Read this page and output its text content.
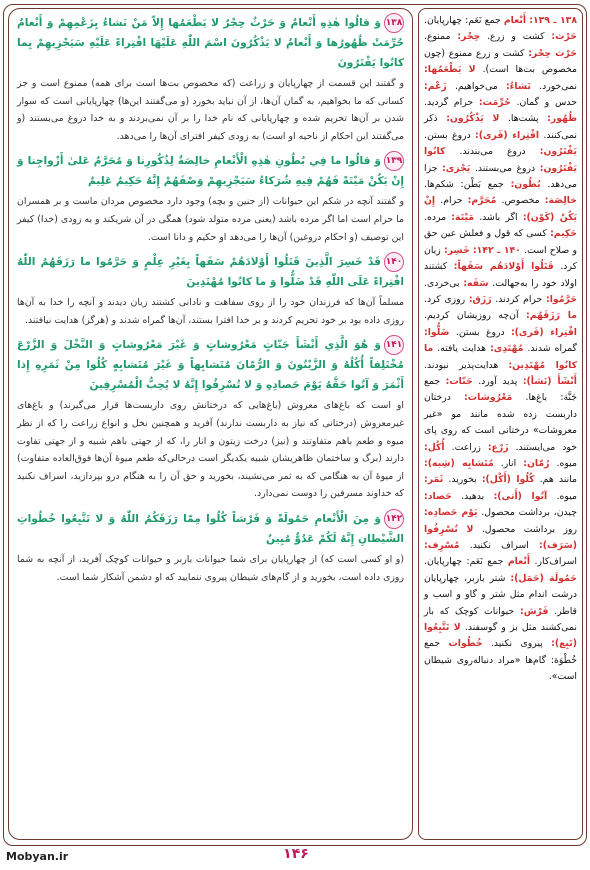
۱۳۸ ـ ۱۳۹: أَنْعام جمع نَعَم: چهارپایان. حَرْث: کشت و زرع. حِجْر: ممنوع. حَرْث حِجْر: کشت و زرع ممنوع (چون مخصوص بت‌ها است). لا يَطْعَمُها: نمی‌خورد. نَشاءُ: می‌خواهیم. زَعْم: حدس و گمان. حُرِّمَت: حرام گردید. ظُهُور: پشت‌ها. لا يَذْكُرُون: ذکر نمی‌کنند. افْتِراء (فَرى): دروغ بستن. يَفْتَرُون: دروغ می‌بندند. كانُوا يَفْتَرُون: دروغ می‌بستند. يَجْزى: جزا می‌دهد. بُطُون: جمع بَطْن: شکم‌ها. خالِصَة: مخصوص. مُحَرَّم: حرام. إِنْ يَكُنْ (كَوْن): اگر باشد. مَيْتَة: مرده. حَكِيم: کسی که قول و فعلش عین حق و صلاح است. ۱۴۰ ـ ۱۴۲: خَسِر: زیان کرد. قَتَلُوا أَوْلادَهُم سَفَهاً: کشتند اولاد خود را به‌جهالت. سَفَه: بی‌خردی. حَرَّمُوا: حرام کردند. رَزَق: روزی کرد. ما رَزَقَهُم: آن‌چه روزیشان کردیم. افْتِراء (فَرى): دروغ بستن. ضَلُّوا: گمراه شدند. مُهْتَدِى: هدایت یافته. ما كانُوا مُهْتَدِين: هدایت‌پذیر نبودند. أَنْشَأَ (نَشأ): پدید آورد. جَنّات: جمع جَنَّة: باغ‌ها. مَعْرُوشات: درختان داربست زده شده مانند مو «غیر معروشات» درختانی است که روی پای خود می‌ایستند. زَرْع: زراعت. أُكُل: میوه. رُمّان: انار. مُتَشابِه (شِبه): مانند هم. كُلُوا (أَكْل): بخورید. ثَمَر: میوه. آتُوا (أَتى): بدهید. حَصاد: چیدن، برداشت محصول. يَوْم حَصادِه: روز برداشت محصول. لا تُسْرِفُوا (سَرَف): اسراف نکنید. مُسْرِف: اسراف‌کار. أَنْعام جمع نَعَم: چهارپایان. حَمُولَة (حَمَل): شتر باربر، چهارپایان درشت اندام مثل شتر و گاو و اسب و قاطر. فَرْش: حیوانات کوچک که بار نمی‌کشند مثل بز و گوسفند. لا تَتَّبِعُوا (تَبِع): پیروی نکنید. خُطُوات جمع خُطْوَة: گام‌ها «مراد دنباله‌روی شیطان است».

۱۳۸وَ قالُوا هٰذِهِ أَنْعامٌ وَ حَرْثٌ حِجْرٌ لا يَطْعَمُها إِلاّ مَنْ نَشاءُ بِزَعْمِهِمْ وَ أَنْعامٌ حُرِّمَتْ ظُهُورُها وَ أَنْعامٌ لا يَذْكُرُونَ اسْمَ اللّٰهِ عَلَيْهَا افْتِراءً عَلَيْهِ سَيَجْزِيهِمْ بِما كانُوا يَفْتَرُونَ

و گفتند این قسمت از چهارپایان و زراعت (که مخصوص بت‌ها است برای همه) ممنوع است و جز کسانی که ما بخواهیم، به گمان آن‌ها، از آن نباید بخورد (و می‌گفتند این‌ها) چهارپایانی است که سوار شدن بر آن‌ها تحریم شده و چهارپایانی که نام خدا را بر آن نمی‌بردند و به خدا دروغ می‌بستند (و می‌گفتند این احکام از ناحیه او است) به زودی کیفر افترای آن‌ها را می‌دهد.

۱۳۹وَ قالُوا ما فِي بُطُونِ هٰذِهِ الْأَنْعامِ خالِصَةٌ لِذُكُورِنا وَ مُحَرَّمٌ عَلىٰ أَزْواجِنا وَ إِنْ يَكُنْ مَيْتَةً فَهُمْ فِيهِ شُرَكاءُ سَيَجْزِيهِمْ وَصْفَهُمْ إِنَّهُ حَكِيمٌ عَلِيمٌ

و گفتند آنچه در شکم این حیوانات (از جنین و بچه) وجود دارد مخصوص مردان ماست و بر همسران ما حرام است اما اگر مرده باشد (یعنی مرده متولد شود) همگی در آن شریکند و به زودی (خدا) کیفر این توصیف (و احکام دروغین) آن‌ها را می‌دهد او حکیم و دانا است.

۱۴۰قَدْ خَسِرَ الَّذِينَ قَتَلُوا أَوْلادَهُمْ سَفَهاً بِغَيْرِ عِلْمٍ وَ حَرَّمُوا ما رَزَقَهُمُ اللّٰهُ افْتِراءً عَلَى اللّٰهِ قَدْ ضَلُّوا وَ ما كانُوا مُهْتَدِينَ

مسلماً آن‌ها که فرزندان خود را از روی سفاهت و نادانی کشتند زیان دیدند و آنچه را خدا به آن‌ها روزی داده بود بر خود تحریم کردند و بر خدا افترا بستند، آن‌ها گمراه شدند و (هرگز) هدایت نیافتند.

۱۴۱وَ هُوَ الَّذِي أَنْشَأَ جَنّاتٍ مَعْرُوشاتٍ وَ غَيْرَ مَعْرُوشاتٍ وَ النَّخْلَ وَ الزَّرْعَ مُخْتَلِفاً أُكُلُهُ وَ الزَّيْتُونَ وَ الرُّمّانَ مُتَشابِهاً وَ غَيْرَ مُتَشابِهٍ كُلُوا مِنْ ثَمَرِهِ إِذا أَثْمَرَ وَ آتُوا حَقَّهُ يَوْمَ حَصادِهِ وَ لا تُسْرِفُوا إِنَّهُ لا يُحِبُّ الْمُسْرِفِينَ

او است که باغ‌های معروش (باغ‌هایی که درختانش روی داربست‌ها قرار می‌گیرند) و باغ‌های غیرمعروش (درختانی که نیاز به داربست ندارند) آفرید و همچنین نخل و انواع زراعت را که از نظر میوه و طعم باهم متفاوتند و (نیز) درخت زیتون و انار را، که از جهتی باهم شبیه و از جهتی تفاوت دارند (برگ و ساختمان ظاهریشان شبیه یکدیگر است درحالی‌که طعم میوهٔ آن‌ها فوق‌العاده متفاوت) از میوهٔ آن به هنگامی که به ثمر می‌نشیند، بخورید و حق آن را به هنگام درو بپردازید، اسراف نکنید که خداوند مسرفین را دوست نمی‌دارد.

۱۴۲وَ مِنَ الْأَنْعامِ حَمُولَةً وَ فَرْشاً كُلُوا مِمّا رَزَقَكُمُ اللّٰهُ وَ لا تَتَّبِعُوا خُطُواتِ الشَّيْطانِ إِنَّهُ لَكُمْ عَدُوٌّ مُبِينٌ

(و او کسی است که) از چهارپایان برای شما حیوانات باربر و حیوانات کوچک آفرید، از آنچه به شما روزی داده است، بخورید و از گام‌های شیطان پیروی ننمایید که او دشمن آشکار شما است.

Mobyan.ir	۱۴۶
